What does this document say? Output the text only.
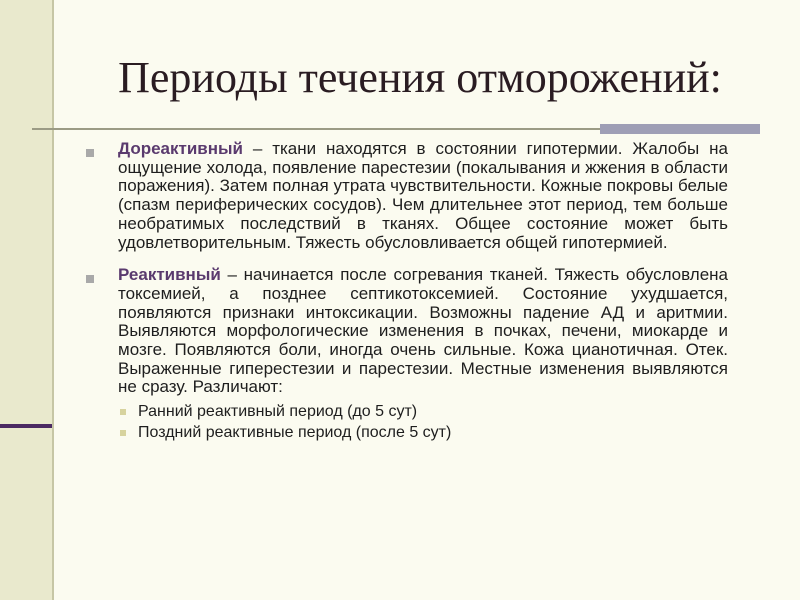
Периоды течения отморожений:
Дореактивный – ткани находятся в состоянии гипотермии. Жалобы на ощущение холода, появление парестезии (покалывания и жжения в области поражения). Затем полная утрата чувствительности. Кожные покровы белые (спазм периферических сосудов). Чем длительнее этот период, тем больше необратимых последствий в тканях. Общее состояние может быть удовлетворительным. Тяжесть обусловливается общей гипотермией.
Реактивный – начинается после согревания тканей. Тяжесть обусловлена токсемией, а позднее септикотоксемией. Состояние ухудшается, появляются признаки интоксикации. Возможны падение АД и аритмии. Выявляются морфологические изменения в почках, печени, миокарде и мозге. Появляются боли, иногда очень сильные. Кожа цианотичная. Отек. Выраженные гиперестезии и парестезии. Местные изменения выявляются не сразу. Различают:
Ранний реактивный период (до 5 сут)
Поздний реактивные период (после 5 сут)
